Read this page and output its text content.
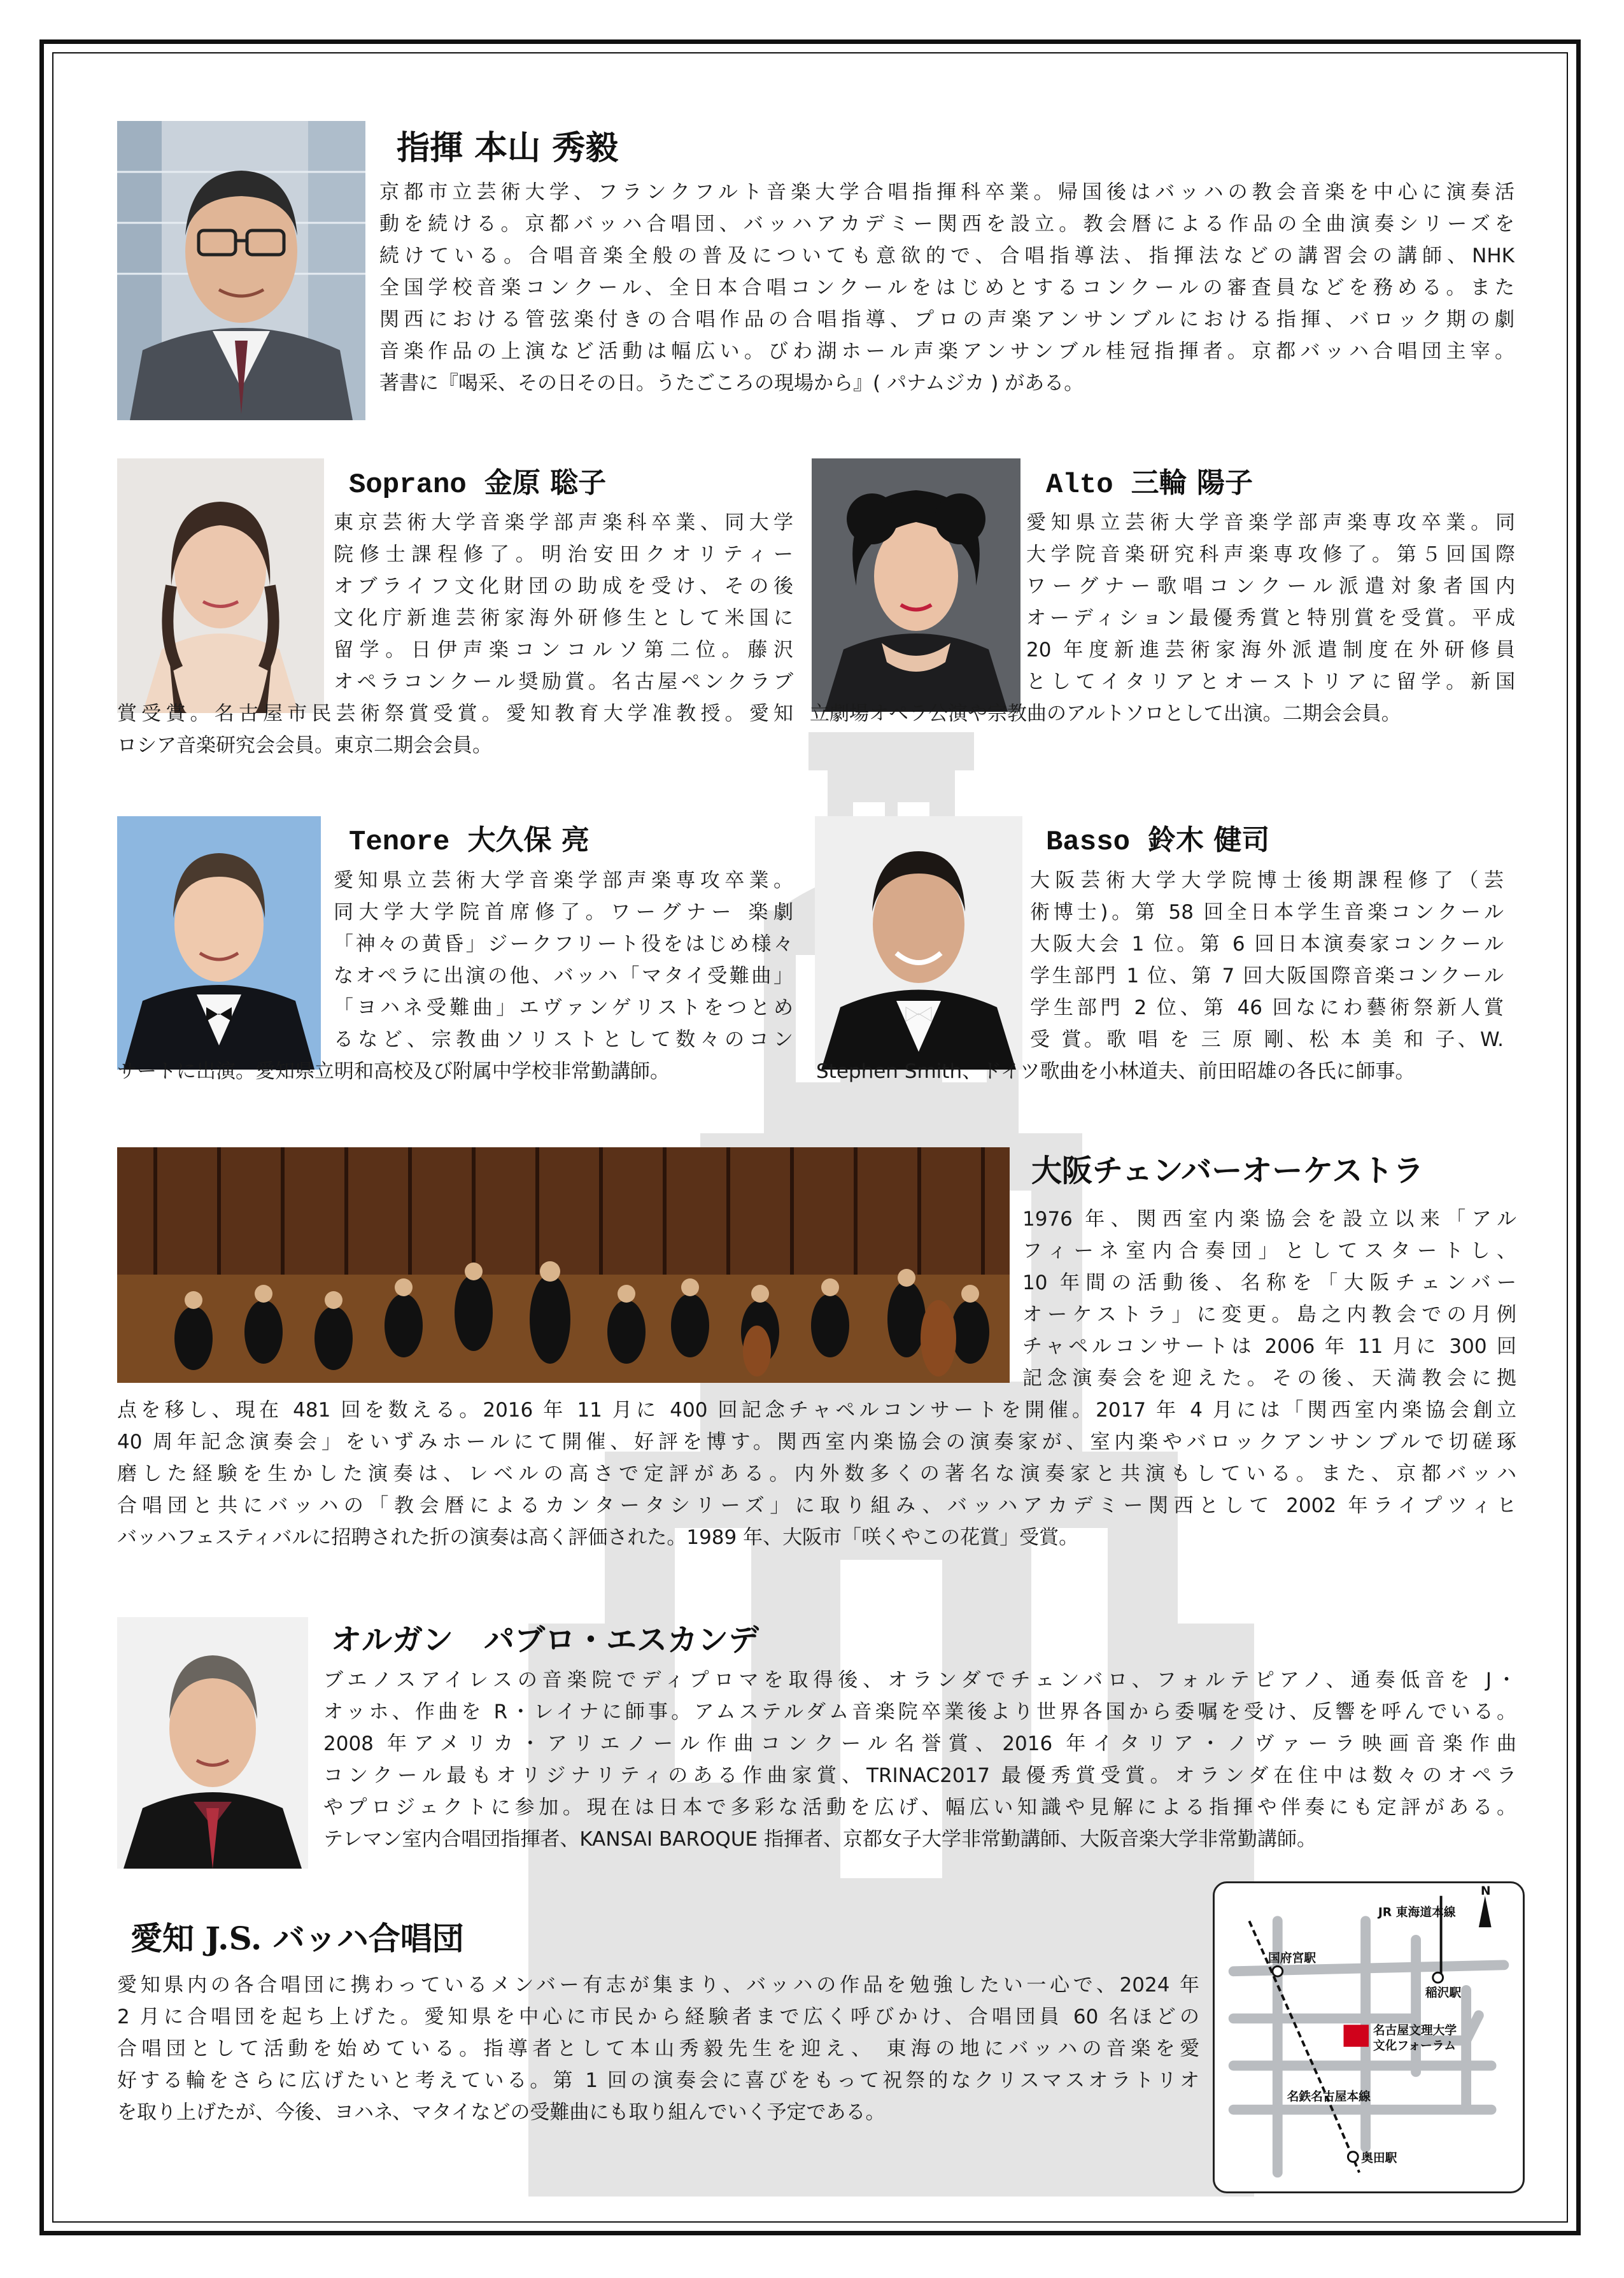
指揮 本山 秀毅
京都市立芸術大学、フランクフルト音楽大学合唱指揮科卒業。帰国後はバッハの教会音楽を中心に演奏活
動を続ける。京都バッハ合唱団、バッハアカデミー関西を設立。教会暦による作品の全曲演奏シリーズを
続けている。合唱音楽全般の普及についても意欲的で、合唱指導法、指揮法などの講習会の講師、NHK
全国学校音楽コンクール、全日本合唱コンクールをはじめとするコンクールの審査員などを務める。また
関西における管弦楽付きの合唱作品の合唱指導、プロの声楽アンサンブルにおける指揮、バロック期の劇
音楽作品の上演など活動は幅広い。びわ湖ホール声楽アンサンブル桂冠指揮者。京都バッハ合唱団主宰。
著書に『喝采、その日その日。うたごころの現場から』( パナムジカ ) がある。
Soprano 金原 聡子
東京芸術大学音楽学部声楽科卒業、同大学
院修士課程修了。明治安田クオリティー
オブライフ文化財団の助成を受け、その後
文化庁新進芸術家海外研修生として米国に
留学。日伊声楽コンコルソ第二位。藤沢
オペラコンクール奨励賞。名古屋ペンクラブ
賞受賞。名古屋市民芸術祭賞受賞。愛知教育大学准教授。愛知
ロシア音楽研究会会員。東京二期会会員。
Alto 三輪 陽子
愛知県立芸術大学音楽学部声楽専攻卒業。同
大学院音楽研究科声楽専攻修了。第５回国際
ワーグナー歌唱コンクール派遣対象者国内
オーディション最優秀賞と特別賞を受賞。平成
20 年度新進芸術家海外派遣制度在外研修員
としてイタリアとオーストリアに留学。新国
立劇場オペラ公演や宗教曲のアルトソロとして出演。二期会会員。
Tenore 大久保 亮
愛知県立芸術大学音楽学部声楽専攻卒業。
同大学大学院首席修了。ワーグナー 楽劇
「神々の黄昏」ジークフリート役をはじめ様々
なオペラに出演の他、バッハ「マタイ受難曲」
「ヨハネ受難曲」エヴァンゲリストをつとめ
るなど、宗教曲ソリストとして数々のコン
サートに出演。愛知県立明和高校及び附属中学校非常勤講師。
Basso 鈴木 健司
大阪芸術大学大学院博士後期課程修了（芸
術博士)。第 58 回全日本学生音楽コンクール
大阪大会 1 位。第 6 回日本演奏家コンクール
学生部門 1 位、第 7 回大阪国際音楽コンクール
学生部門 2 位、第 46 回なにわ藝術祭新人賞
受 賞。歌 唱 を 三 原 剛、松 本 美 和 子、W.
Stephen Smith、ドイツ歌曲を小林道夫、前田昭雄の各氏に師事。
大阪チェンバーオーケストラ
1976 年、関西室内楽協会を設立以来「アル
フィーネ室内合奏団」としてスタートし、
10 年間の活動後、名称を「大阪チェンバー
オーケストラ」に変更。島之内教会での月例
チャペルコンサートは 2006 年 11 月に 300 回
記念演奏会を迎えた。その後、天満教会に拠
点を移し、現在 481 回を数える。2016 年 11 月に 400 回記念チャペルコンサートを開催。2017 年 4 月には「関西室内楽協会創立
40 周年記念演奏会」をいずみホールにて開催、好評を博す。関西室内楽協会の演奏家が、室内楽やバロックアンサンブルで切磋琢
磨した経験を生かした演奏は、レベルの高さで定評がある。内外数多くの著名な演奏家と共演もしている。また、京都バッハ
合唱団と共にバッハの「教会暦によるカンタータシリーズ」に取り組み、バッハアカデミー関西として 2002 年ライプツィヒ
バッハフェスティバルに招聘された折の演奏は高く評価された。1989 年、大阪市「咲くやこの花賞」受賞。
オルガン　パブロ・エスカンデ
ブエノスアイレスの音楽院でディプロマを取得後、オランダでチェンバロ、フォルテピアノ、通奏低音を J・
オッホ、作曲を R・レイナに師事。アムステルダム音楽院卒業後より世界各国から委嘱を受け、反響を呼んでいる。
2008 年アメリカ・アリエノール作曲コンクール名誉賞、2016 年イタリア・ノヴァーラ映画音楽作曲
コンクール最もオリジナリティのある作曲家賞、TRINAC2017 最優秀賞受賞。オランダ在住中は数々のオペラ
やプロジェクトに参加。現在は日本で多彩な活動を広げ、幅広い知識や見解による指揮や伴奏にも定評がある。
テレマン室内合唱団指揮者、KANSAI BAROQUE 指揮者、京都女子大学非常勤講師、大阪音楽大学非常勤講師。
愛知 J.S. バッハ合唱団
愛知県内の各合唱団に携わっているメンバー有志が集まり、バッハの作品を勉強したい一心で、2024 年
2 月に合唱団を起ち上げた。愛知県を中心に市民から経験者まで広く呼びかけ、合唱団員 60 名ほどの
合唱団として活動を始めている。指導者として本山秀毅先生を迎え、 東海の地にバッハの音楽を愛
好する輪をさらに広げたいと考えている。第 1 回の演奏会に喜びをもって祝祭的なクリスマスオラトリオ
を取り上げたが、今後、ヨハネ、マタイなどの受難曲にも取り組んでいく予定である。
N
JR 東海道本線
国府宮駅
稲沢駅
名古屋文理大学
文化フォーラム
名鉄名古屋本線
奥田駅
